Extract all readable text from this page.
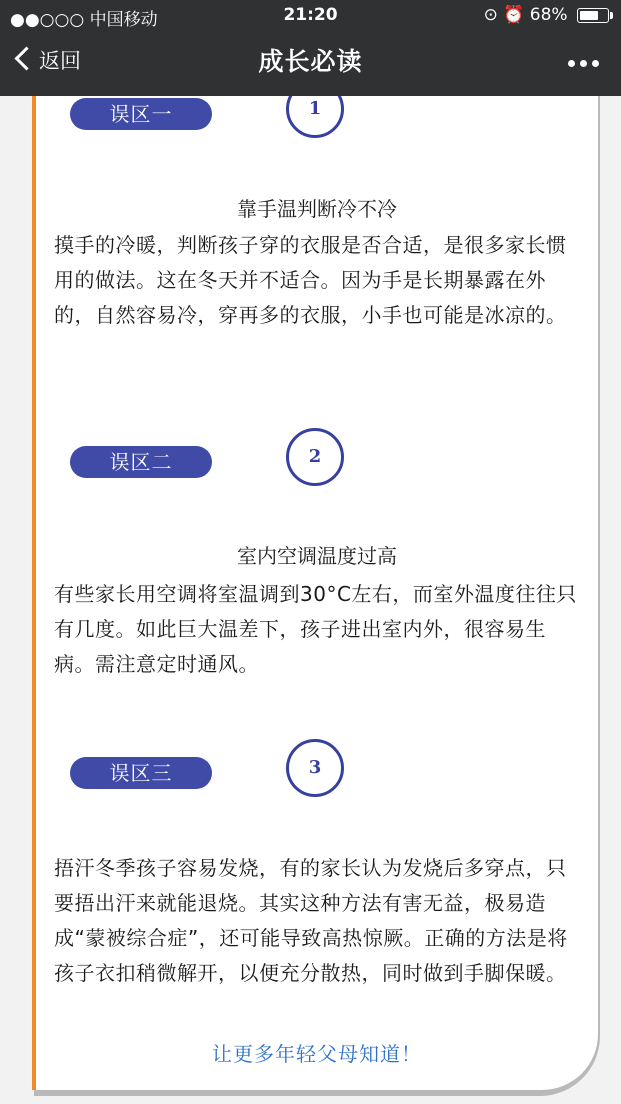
●●○○○ 中国移动	21:20	⊙ ⏰ 68%
返回	成长必读
误区一	1
靠手温判断冷不冷
摸手的冷暖，判断孩子穿的衣服是否合适，是很多家长惯用的做法。这在冬天并不适合。因为手是长期暴露在外的，自然容易冷，穿再多的衣服，小手也可能是冰凉的。
误区二	2
室内空调温度过高
有些家长用空调将室温调到30°C左右，而室外温度往往只有几度。如此巨大温差下，孩子进出室内外，很容易生病。需注意定时通风。
误区三	3
捂汗冬季孩子容易发烧，有的家长认为发烧后多穿点，只要捂出汗来就能退烧。其实这种方法有害无益，极易造成“蒙被综合症”，还可能导致高热惊厥。正确的方法是将孩子衣扣稍微解开，以便充分散热，同时做到手脚保暖。
让更多年轻父母知道！
